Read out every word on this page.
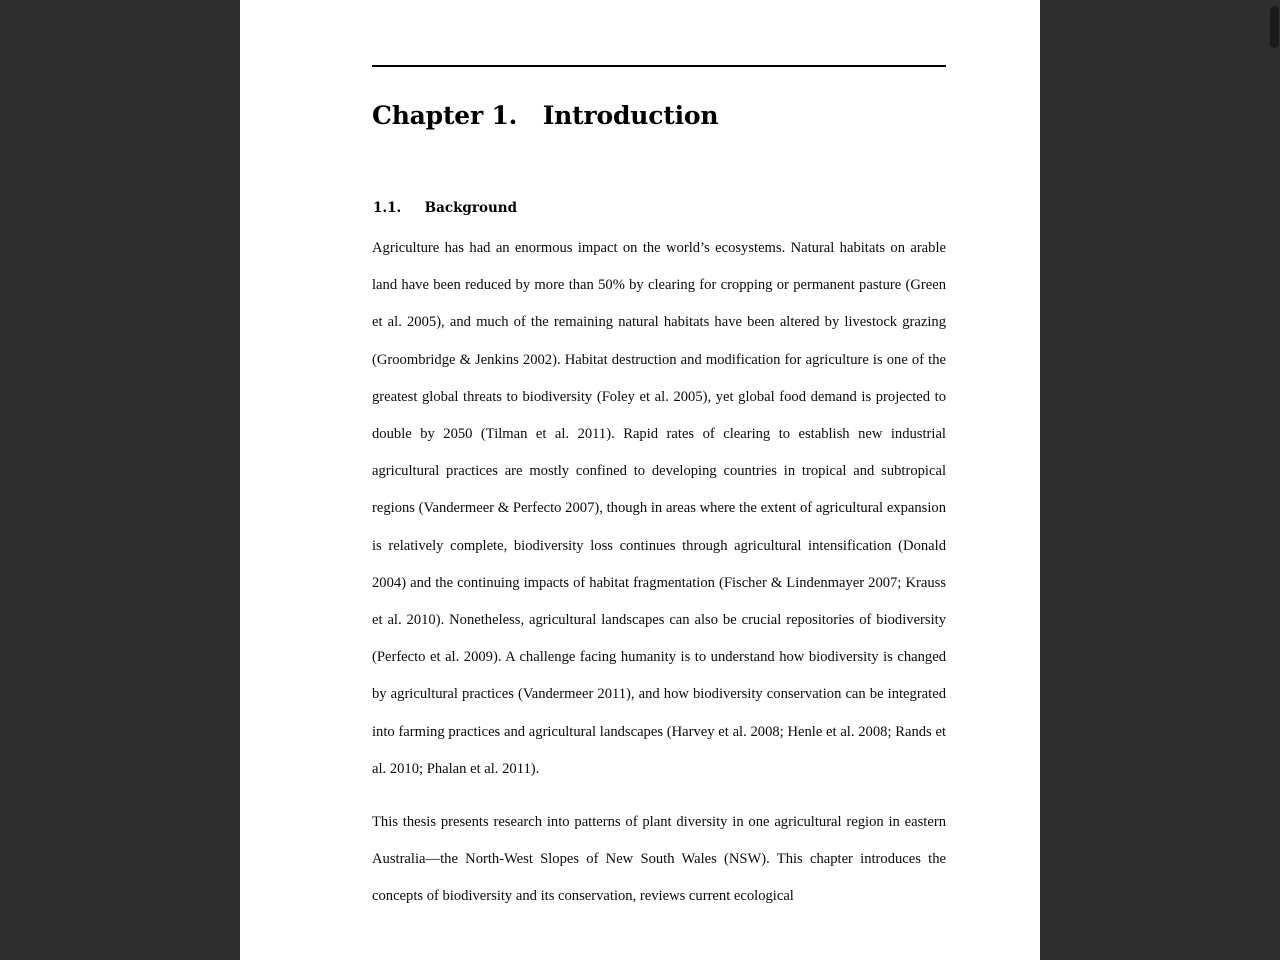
Chapter 1.   Introduction
1.1.     Background

Agriculture has had an enormous impact on the world’s ecosystems. Natural habitats on arable land have been reduced by more than 50% by clearing for cropping or permanent pasture (Green et al. 2005), and much of the remaining natural habitats have been altered by livestock grazing (Groombridge & Jenkins 2002). Habitat destruction and modification for agriculture is one of the greatest global threats to biodiversity (Foley et al. 2005), yet global food demand is projected to double by 2050 (Tilman et al. 2011). Rapid rates of clearing to establish new industrial agricultural practices are mostly confined to developing countries in tropical and subtropical regions (Vandermeer & Perfecto 2007), though in areas where the extent of agricultural expansion is relatively complete, biodiversity loss continues through agricultural intensification (Donald 2004) and the continuing impacts of habitat fragmentation (Fischer & Lindenmayer 2007; Krauss et al. 2010). Nonetheless, agricultural landscapes can also be crucial repositories of biodiversity (Perfecto et al. 2009). A challenge facing humanity is to understand how biodiversity is changed by agricultural practices (Vandermeer 2011), and how biodiversity conservation can be integrated into farming practices and agricultural landscapes (Harvey et al. 2008; Henle et al. 2008; Rands et al. 2010; Phalan et al. 2011).

This thesis presents research into patterns of plant diversity in one agricultural region in eastern Australia—the North-West Slopes of New South Wales (NSW). This chapter introduces the concepts of biodiversity and its conservation, reviews current ecological
